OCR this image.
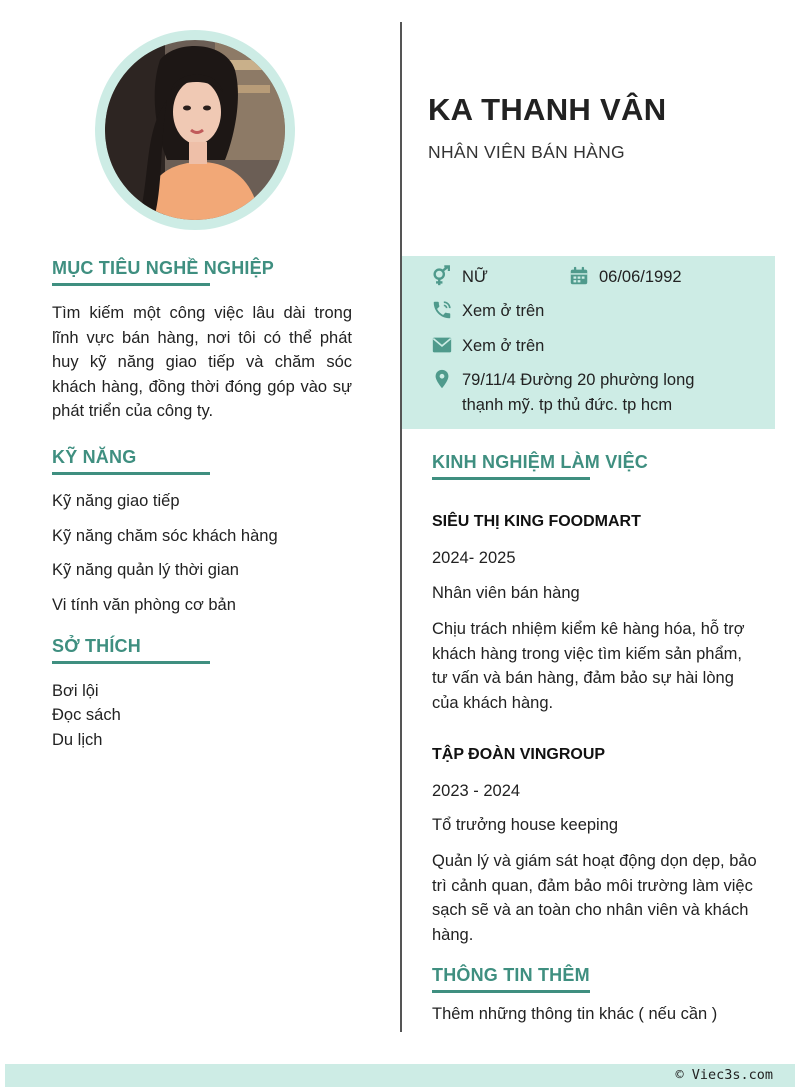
MỤC TIÊU NGHỀ NGHIỆP
Tìm kiếm một công việc lâu dài trong lĩnh vực bán hàng, nơi tôi có thể phát huy kỹ năng giao tiếp và chăm sóc khách hàng, đồng thời đóng góp vào sự phát triển của công ty.
KỸ NĂNG
Kỹ năng giao tiếp
Kỹ năng chăm sóc khách hàng
Kỹ năng quản lý thời gian
Vi tính văn phòng cơ bản
SỞ THÍCH
Bơi lội
Đọc sách
Du lịch
KA THANH VÂN
NHÂN VIÊN BÁN HÀNG
NỮ	06/06/1992
Xem ở trên
Xem ở trên
79/11/4 Đường 20 phường long thạnh mỹ. tp thủ đức. tp hcm
KINH NGHIỆM LÀM VIỆC
SIÊU THỊ KING FOODMART
2024- 2025
Nhân viên bán hàng
Chịu trách nhiệm kiểm kê hàng hóa, hỗ trợ khách hàng trong việc tìm kiếm sản phẩm, tư vấn và bán hàng, đảm bảo sự hài lòng của khách hàng.
TẬP ĐOÀN VINGROUP
2023 - 2024
Tổ trưởng house keeping
Quản lý và giám sát hoạt động dọn dẹp, bảo trì cảnh quan, đảm bảo môi trường làm việc sạch sẽ và an toàn cho nhân viên và khách hàng.
THÔNG TIN THÊM
Thêm những thông tin khác ( nếu cần )
© Viec3s.com
